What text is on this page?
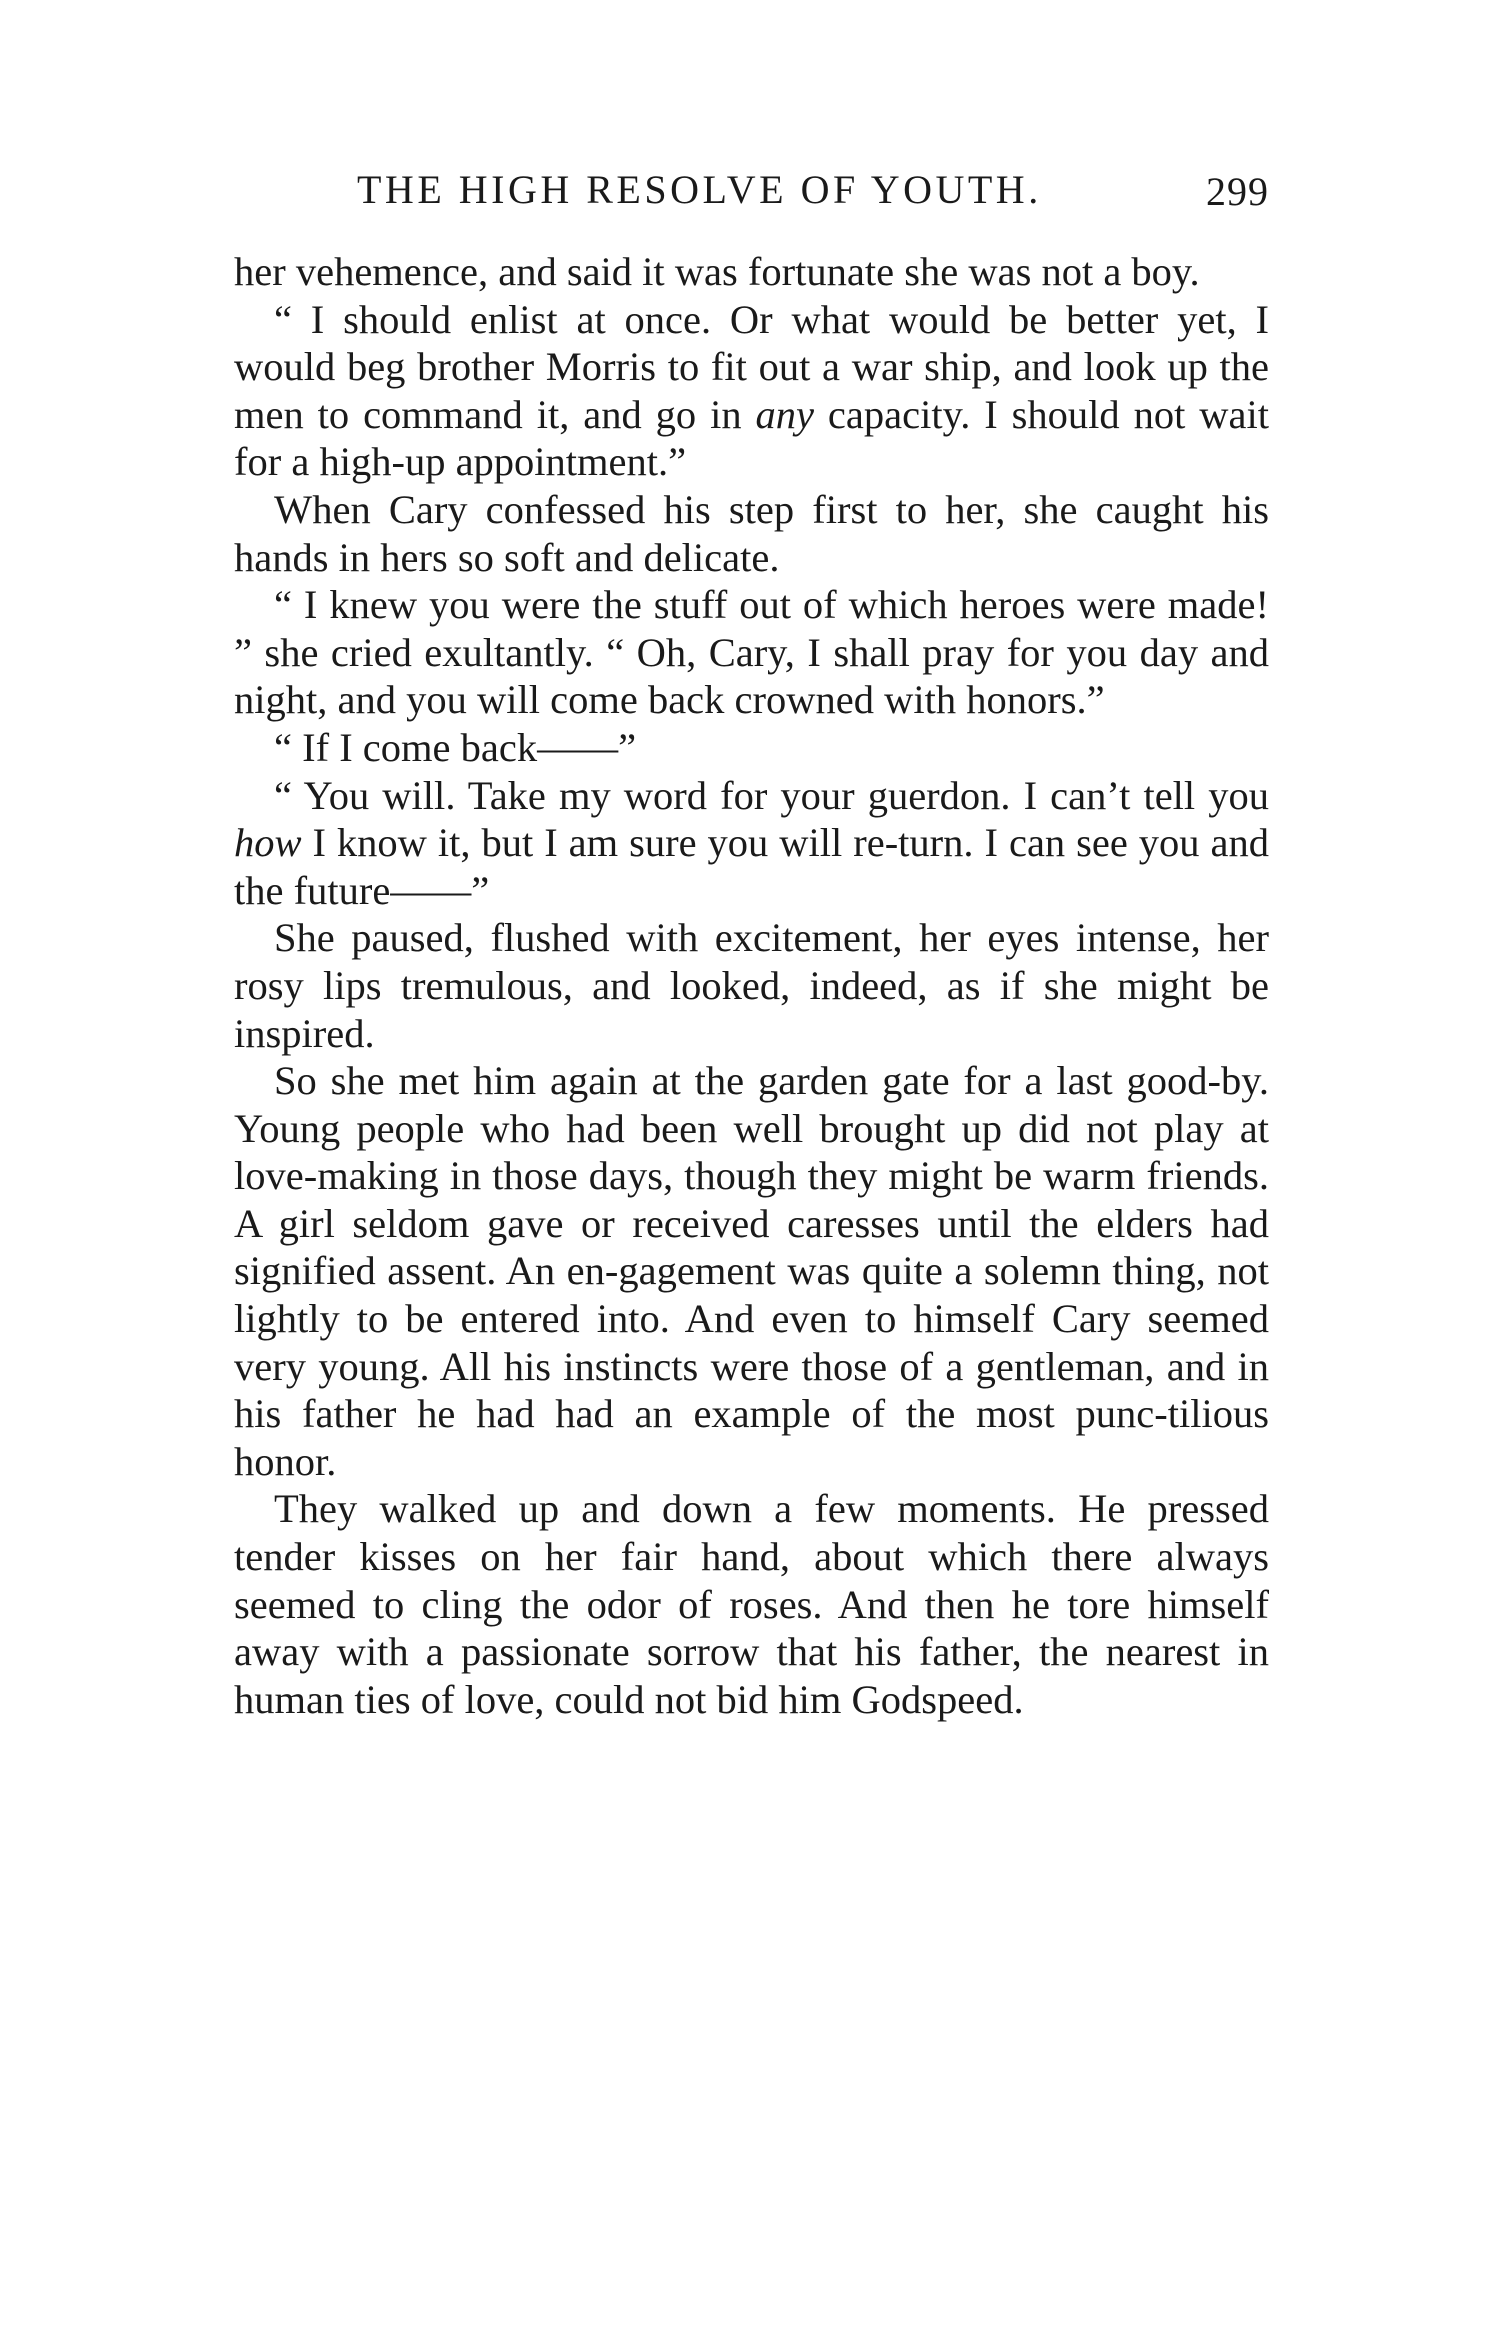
THE HIGH RESOLVE OF YOUTH.	299

her vehemence, and said it was fortunate she was not a boy.

“ I should enlist at once. Or what would be better yet, I would beg brother Morris to fit out a war ship, and look up the men to command it, and go in any capacity. I should not wait for a high-up appointment.”

When Cary confessed his step first to her, she caught his hands in hers so soft and delicate.

“ I knew you were the stuff out of which heroes were made! ” she cried exultantly. “ Oh, Cary, I shall pray for you day and night, and you will come back crowned with honors.”

“ If I come back——”

“ You will. Take my word for your guerdon. I can’t tell you how I know it, but I am sure you will re-turn. I can see you and the future——”

She paused, flushed with excitement, her eyes intense, her rosy lips tremulous, and looked, indeed, as if she might be inspired.

So she met him again at the garden gate for a last good-by. Young people who had been well brought up did not play at love-making in those days, though they might be warm friends. A girl seldom gave or received caresses until the elders had signified assent. An en-gagement was quite a solemn thing, not lightly to be entered into. And even to himself Cary seemed very young. All his instincts were those of a gentleman, and in his father he had had an example of the most punc-tilious honor.

They walked up and down a few moments. He pressed tender kisses on her fair hand, about which there always seemed to cling the odor of roses. And then he tore himself away with a passionate sorrow that his father, the nearest in human ties of love, could not bid him Godspeed.
